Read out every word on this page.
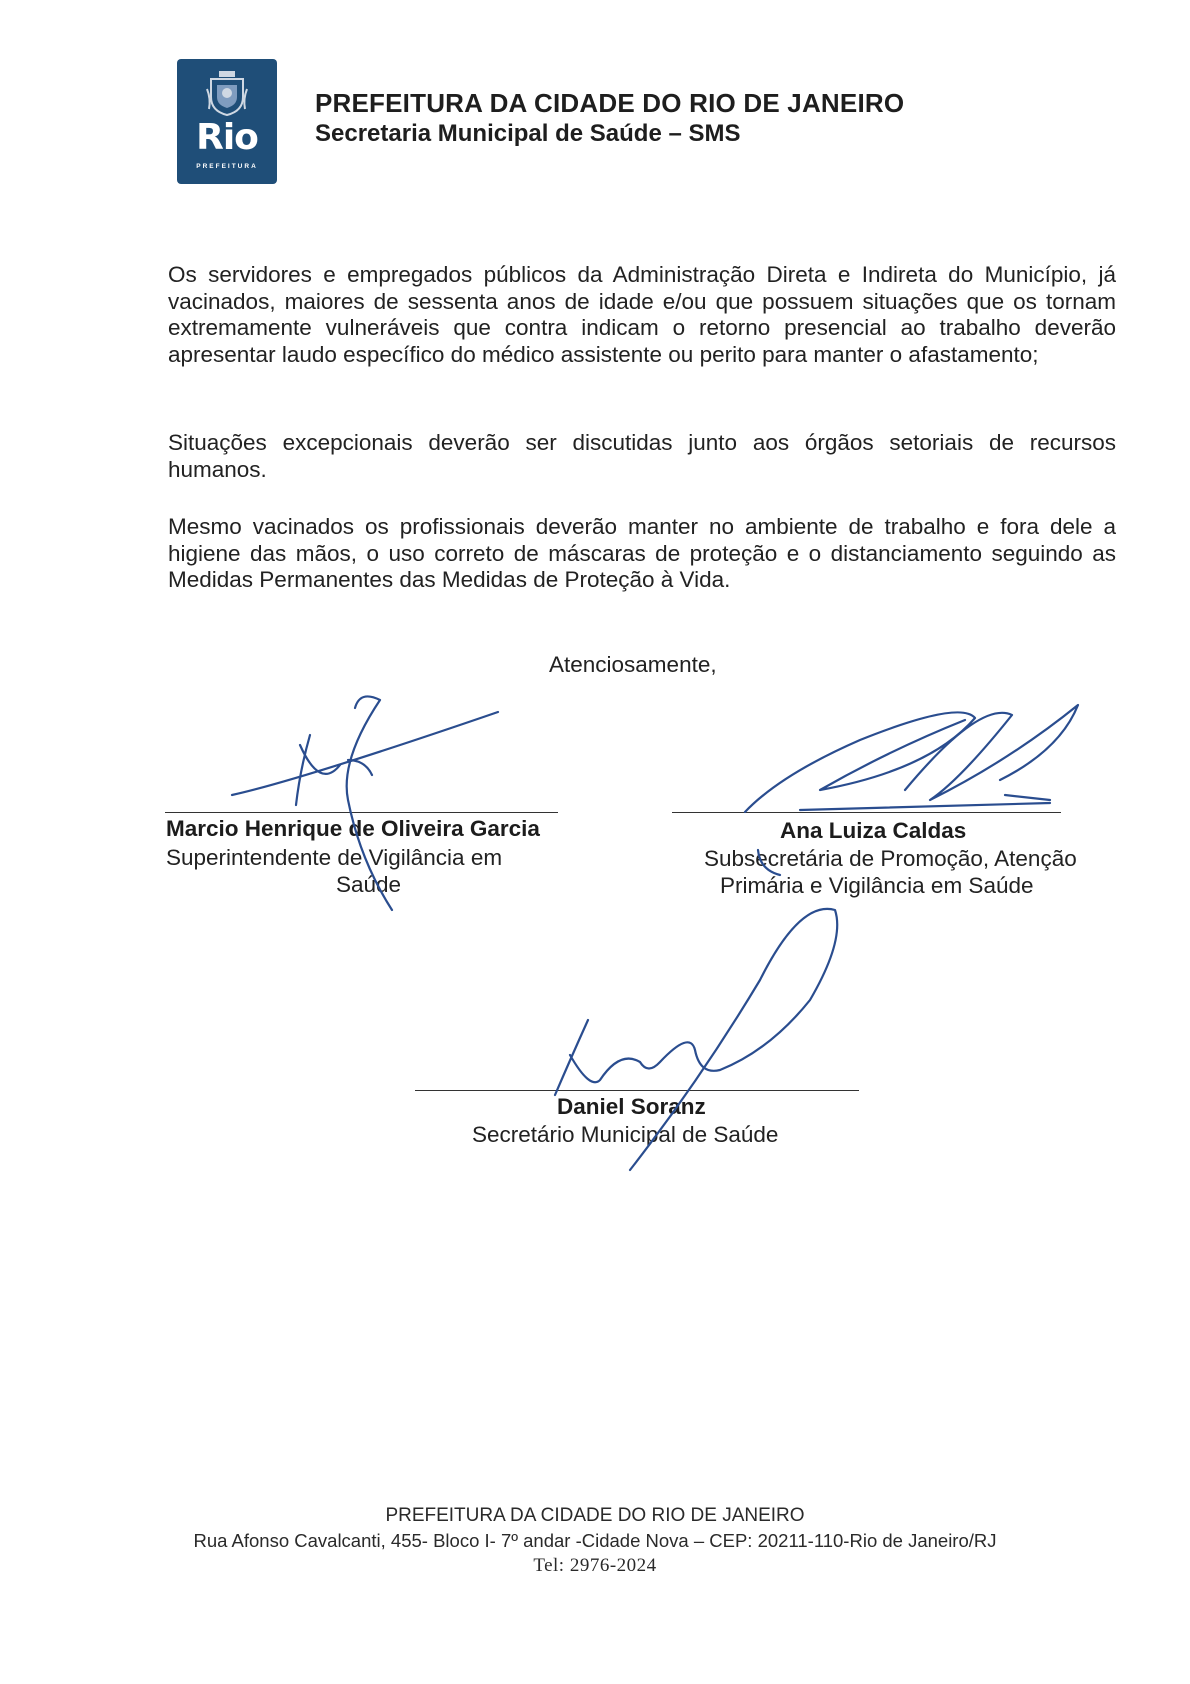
Rio
PREFEITURA
PREFEITURA DA CIDADE DO RIO DE JANEIRO
Secretaria Municipal de Saúde – SMS
Os servidores e empregados públicos da Administração Direta e Indireta do Município, já vacinados, maiores de sessenta anos de idade e/ou que possuem situações que os tornam extremamente vulneráveis que contra indicam o retorno presencial ao trabalho deverão apresentar laudo específico do médico assistente ou perito para manter o afastamento;
Situações excepcionais deverão ser discutidas junto aos órgãos setoriais de recursos humanos.
Mesmo vacinados os profissionais deverão manter no ambiente de trabalho e fora dele a higiene das mãos, o uso correto de máscaras de proteção e o distanciamento seguindo as Medidas Permanentes das Medidas de Proteção à Vida.
Atenciosamente,
Marcio Henrique de Oliveira Garcia
Superintendente de Vigilância em
Saúde
Ana Luiza Caldas
Subsecretária de Promoção, Atenção
Primária e Vigilância em Saúde
Daniel Soranz
Secretário Municipal de Saúde
PREFEITURA DA CIDADE DO RIO DE JANEIRO
Rua Afonso Cavalcanti, 455- Bloco I- 7º andar -Cidade Nova – CEP: 20211-110-Rio de Janeiro/RJ
Tel: 2976-2024
